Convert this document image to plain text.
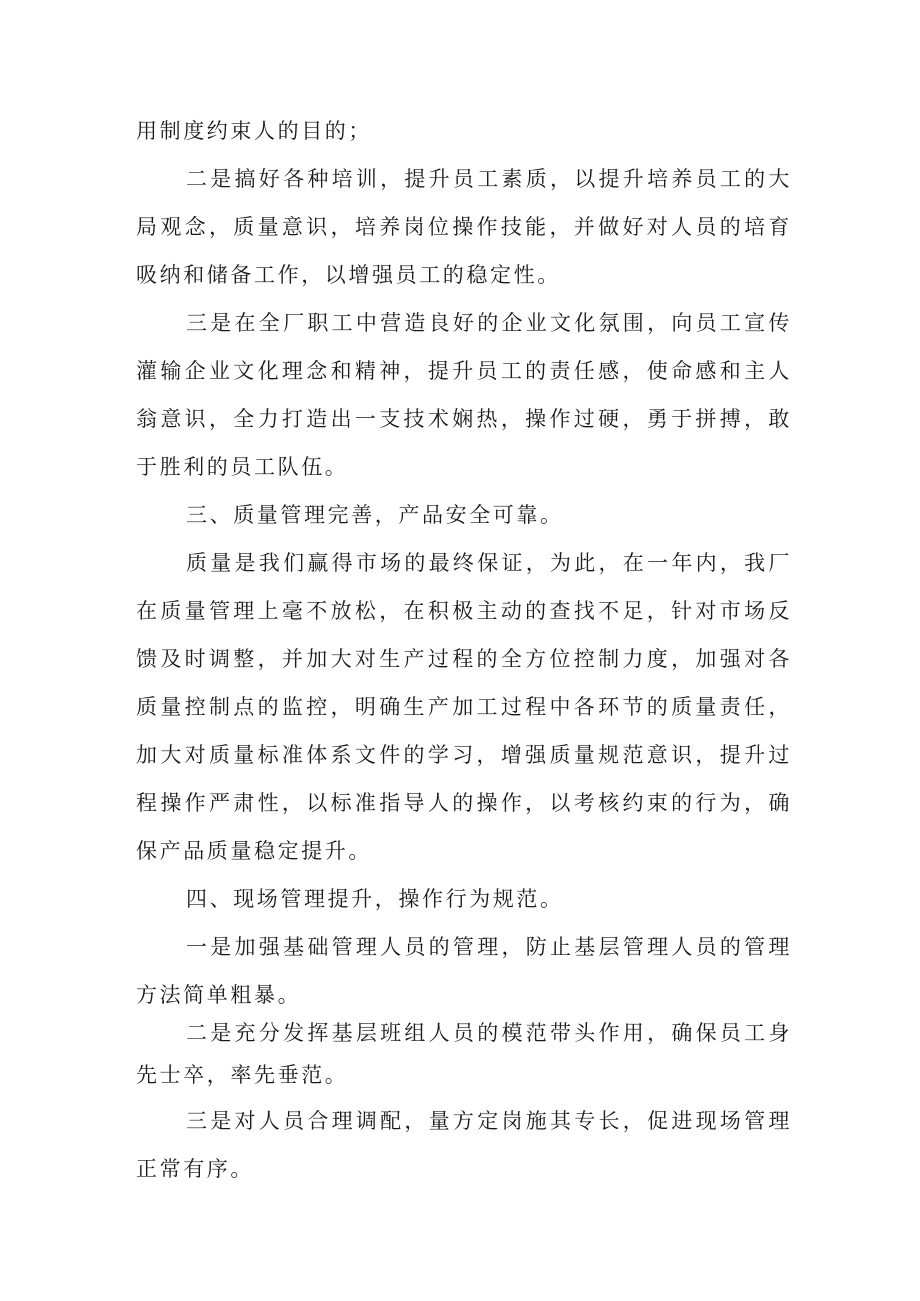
用制度约束人的目的；

二是搞好各种培训，提升员工素质，以提升培养员工的大局观念，质量意识，培养岗位操作技能，并做好对人员的培育吸纳和储备工作，以增强员工的稳定性。

三是在全厂职工中营造良好的企业文化氛围，向员工宣传灌输企业文化理念和精神，提升员工的责任感，使命感和主人翁意识，全力打造出一支技术娴热，操作过硬，勇于拼搏，敢于胜利的员工队伍。

三、质量管理完善，产品安全可靠。

质量是我们赢得市场的最终保证，为此，在一年内，我厂在质量管理上毫不放松，在积极主动的查找不足，针对市场反馈及时调整，并加大对生产过程的全方位控制力度，加强对各质量控制点的监控，明确生产加工过程中各环节的质量责任，加大对质量标准体系文件的学习，增强质量规范意识，提升过程操作严肃性，以标准指导人的操作，以考核约束的行为，确保产品质量稳定提升。

四、现场管理提升，操作行为规范。

一是加强基础管理人员的管理，防止基层管理人员的管理方法简单粗暴。

二是充分发挥基层班组人员的模范带头作用，确保员工身先士卒，率先垂范。

三是对人员合理调配，量方定岗施其专长，促进现场管理正常有序。
